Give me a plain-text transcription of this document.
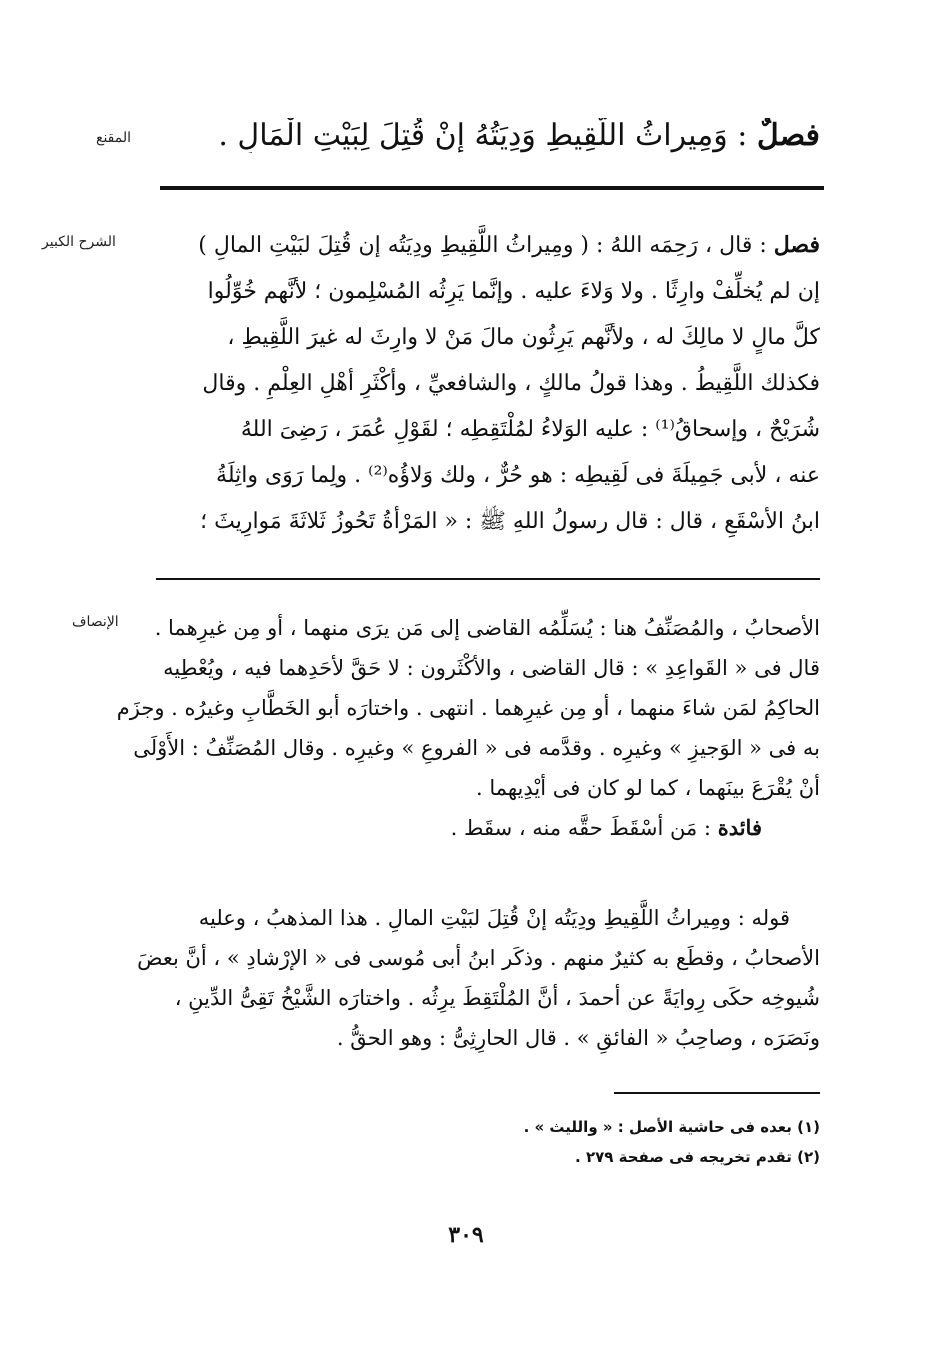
المقنع
الشرح الكبير
الإنصاف
فصلٌ : وَمِيراثُ اللَّقِيطِ وَدِيَتُهُ إنْ قُتِلَ لِبَيْتِ الْمَالِ .
فصل : قال ، رَحِمَه اللهُ : ( ومِيراثُ اللَّقِيطِ ودِيَتُه إن قُتِلَ لبَيْتِ المالِ )
إن لم يُخلِّفْ وارِثًا . ولا وَلاءَ عليه . وإنَّما يَرِثُه المُسْلِمون ؛ لأنَّهم خُوِّلُوا
كلَّ مالٍ لا مالِكَ له ، ولأنَّهم يَرِثُون مالَ مَنْ لا وارِثَ له غيرَ اللَّقِيطِ ،
فكذلك اللَّقِيطُ . وهذا قولُ مالكٍ ، والشافعيِّ ، وأكْثَرِ أهْلِ العِلْمِ . وقال
شُرَيْحٌ ، وإسحاقُ⁽¹⁾ : عليه الوَلاءُ لمُلْتَقِطِه ؛ لقَوْلِ عُمَرَ ، رَضِىَ اللهُ
عنه ، لأبى جَمِيلَةَ فى لَقِيطِه : هو حُرٌّ ، ولك وَلاؤُه⁽²⁾ . ولِما رَوَى واثِلَةُ
ابنُ الأسْقَعِ ، قال : قال رسولُ اللهِ ﷺ : « المَرْأةُ تَحُوزُ ثَلاثَةَ مَوارِيثَ ؛
الأصحابُ ، والمُصَنِّفُ هنا : يُسَلِّمُه القاضى إلى مَن يرَى منهما ، أو مِن غيرِهما .
قال فى « القَواعِدِ » : قال القاضى ، والأكْثَرون : لا حَقَّ لأحَدِهما فيه ، ويُعْطِيه
الحاكِمُ لمَن شاءَ منهما ، أو مِن غيرِهما . انتهى . واختارَه أبو الخَطَّابِ وغيرُه . وجزَم
به فى « الوَجيزِ » وغيرِه . وقدَّمه فى « الفروعِ » وغيرِه . وقال المُصَنِّفُ : الأَوْلَى
أنْ يُقْرَعَ بينَهما ، كما لو كان فى أيْدِيهما .
فائدة : مَن أسْقَطَ حقَّه منه ، سقَط .
قوله : ومِيراثُ اللَّقِيطِ ودِيَتُه إنْ قُتِلَ لبَيْتِ المالِ . هذا المذهبُ ، وعليه
الأصحابُ ، وقطَع به كثيرٌ منهم . وذكَر ابنُ أبى مُوسى فى « الإرْشادِ » ، أنَّ بعضَ
شُيوخِه حكَى رِوايَةً عن أحمدَ ، أنَّ المُلْتَقِطَ يرِثُه . واختارَه الشَّيْخُ تَقِىُّ الدِّينِ ،
ونَصَرَه ، وصاحِبُ « الفائقِ » . قال الحارِثِىُّ : وهو الحقُّ .
(١) بعده فى حاشية الأصل : « والليث » .
(٢) تقدم تخريجه فى صفحة ٢٧٩ .
٣٠٩
